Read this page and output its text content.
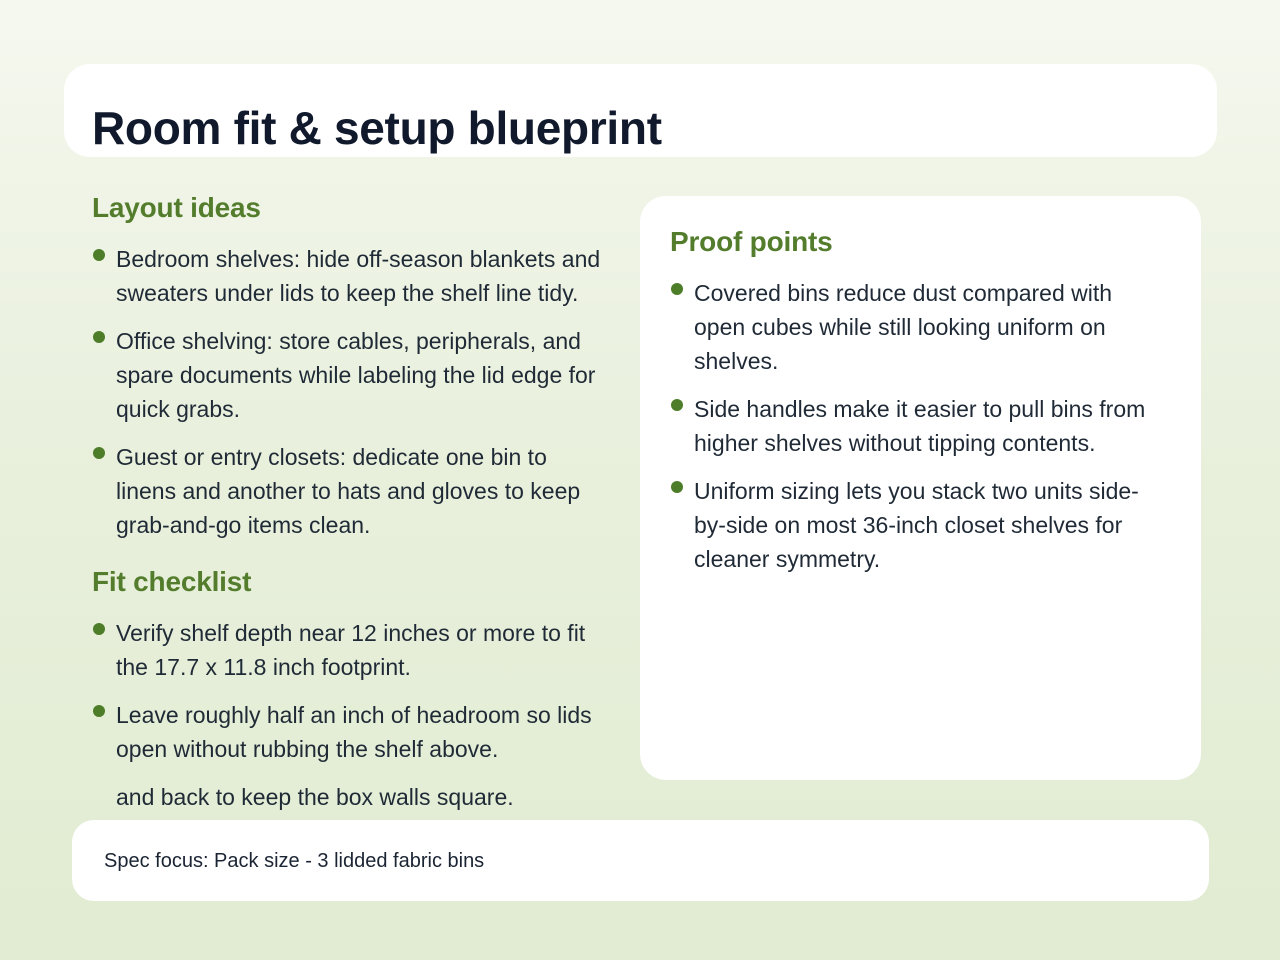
Room fit & setup blueprint
Layout ideas
Bedroom shelves: hide off-season blankets and sweaters under lids to keep the shelf line tidy.
Office shelving: store cables, peripherals, and spare documents while labeling the lid edge for quick grabs.
Guest or entry closets: dedicate one bin to linens and another to hats and gloves to keep grab-and-go items clean.
Fit checklist
Verify shelf depth near 12 inches or more to fit the 17.7 x 11.8 inch footprint.
Leave roughly half an inch of headroom so lids open without rubbing the shelf above.
and back to keep the box walls square.
Proof points
Covered bins reduce dust compared with open cubes while still looking uniform on shelves.
Side handles make it easier to pull bins from higher shelves without tipping contents.
Uniform sizing lets you stack two units side-by-side on most 36-inch closet shelves for cleaner symmetry.
Spec focus: Pack size - 3 lidded fabric bins
